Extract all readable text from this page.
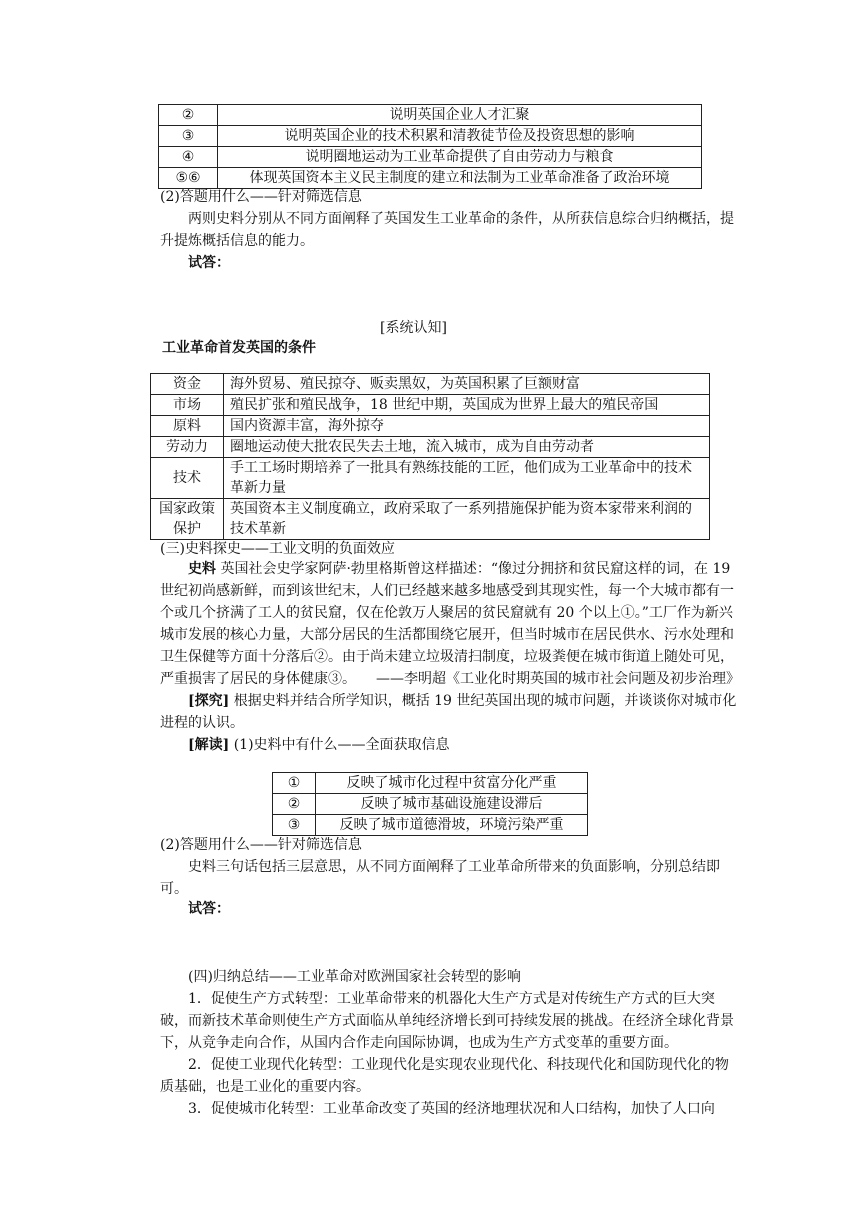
②	说明英国企业人才汇聚
③	说明英国企业的技术积累和清教徒节俭及投资思想的影响
④	说明圈地运动为工业革命提供了自由劳动力与粮食
⑤⑥	体现英国资本主义民主制度的建立和法制为工业革命准备了政治环境
(2)答题用什么——针对筛选信息
两则史料分别从不同方面阐释了英国发生工业革命的条件，从所获信息综合归纳概括，提升提炼概括信息的能力。
试答：
[系统认知]
工业革命首发英国的条件
资金	海外贸易、殖民掠夺、贩卖黑奴，为英国积累了巨额财富
市场	殖民扩张和殖民战争，18 世纪中期，英国成为世界上最大的殖民帝国
原料	国内资源丰富，海外掠夺
劳动力	圈地运动使大批农民失去土地，流入城市，成为自由劳动者
技术	手工工场时期培养了一批具有熟练技能的工匠，他们成为工业革命中的技术革新力量
国家政策保护	英国资本主义制度确立，政府采取了一系列措施保护能为资本家带来利润的技术革新
(三)史料探史——工业文明的负面效应
史料 英国社会史学家阿萨·勃里格斯曾这样描述：“像过分拥挤和贫民窟这样的词，在 19 世纪初尚感新鲜，而到该世纪末，人们已经越来越多地感受到其现实性，每一个大城市都有一个或几个挤满了工人的贫民窟，仅在伦敦万人聚居的贫民窟就有 20 个以上①。”工厂作为新兴城市发展的核心力量，大部分居民的生活都围绕它展开，但当时城市在居民供水、污水处理和卫生保健等方面十分落后②。由于尚未建立垃圾清扫制度，垃圾粪便在城市街道上随处可见，严重损害了居民的身体健康③。	——李明超《工业化时期英国的城市社会问题及初步治理》
[探究] 根据史料并结合所学知识，概括 19 世纪英国出现的城市问题，并谈谈你对城市化进程的认识。
[解读] (1)史料中有什么——全面获取信息
①	反映了城市化过程中贫富分化严重
②	反映了城市基础设施建设滞后
③	反映了城市道德滑坡，环境污染严重
(2)答题用什么——针对筛选信息
史料三句话包括三层意思，从不同方面阐释了工业革命所带来的负面影响，分别总结即可。
试答：
(四)归纳总结——工业革命对欧洲国家社会转型的影响
1．促使生产方式转型：工业革命带来的机器化大生产方式是对传统生产方式的巨大突破，而新技术革命则使生产方式面临从单纯经济增长到可持续发展的挑战。在经济全球化背景下，从竞争走向合作，从国内合作走向国际协调，也成为生产方式变革的重要方面。
2．促使工业现代化转型：工业现代化是实现农业现代化、科技现代化和国防现代化的物质基础，也是工业化的重要内容。
3．促使城市化转型：工业革命改变了英国的经济地理状况和人口结构，加快了人口向
